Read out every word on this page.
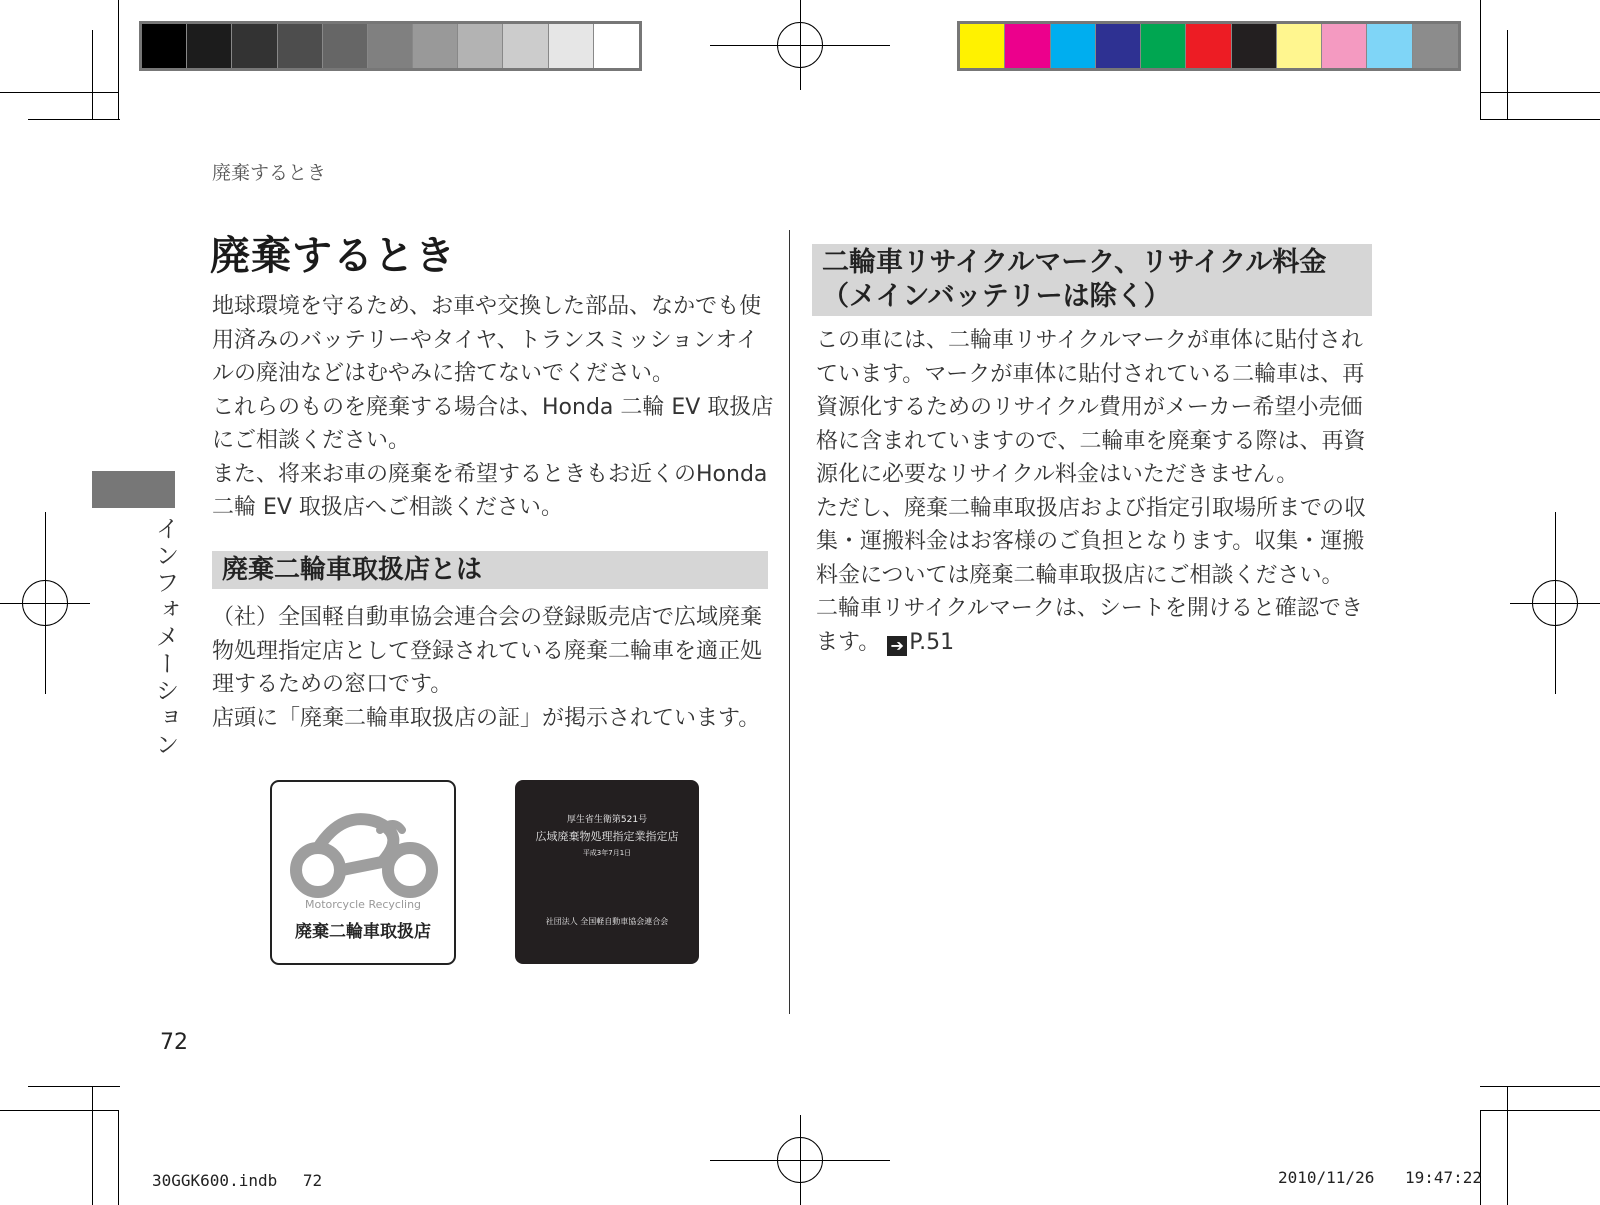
廃棄するとき
廃棄するとき

地球環境を守るため、お車や交換した部品、なかでも使用済みのバッテリーやタイヤ、トランスミッションオイルの廃油などはむやみに捨てないでください。

これらのものを廃棄する場合は、Honda 二輪 EV 取扱店にご相談ください。

また、将来お車の廃棄を希望するときもお近くのHonda 二輪 EV 取扱店へご相談ください。

廃棄二輪車取扱店とは

（社）全国軽自動車協会連合会の登録販売店で広域廃棄物処理指定店として登録されている廃棄二輪車を適正処理するための窓口です。

店頭に「廃棄二輪車取扱店の証」が掲示されています。

Motorcycle Recycling
廃棄二輪車取扱店
厚生省生衛第521号
広域廃棄物処理指定業指定店
平成3年7月1日
社団法人 全国軽自動車協会連合会
二輪車リサイクルマーク、リサイクル料金
（メインバッテリーは除く）

この車には、二輪車リサイクルマークが車体に貼付されています。マークが車体に貼付されている二輪車は、再資源化するためのリサイクル費用がメーカー希望小売価格に含まれていますので、二輪車を廃棄する際は、再資源化に必要なリサイクル料金はいただきません。

ただし、廃棄二輪車取扱店および指定引取場所までの収集・運搬料金はお客様のご負担となります。収集・運搬料金については廃棄二輪車取扱店にご相談ください。

二輪車リサイクルマークは、シートを開けると確認できます。 ➔ P.51

インフォメーション
72
30GGK600.indb　 72	2010/11/26 19:47:22
